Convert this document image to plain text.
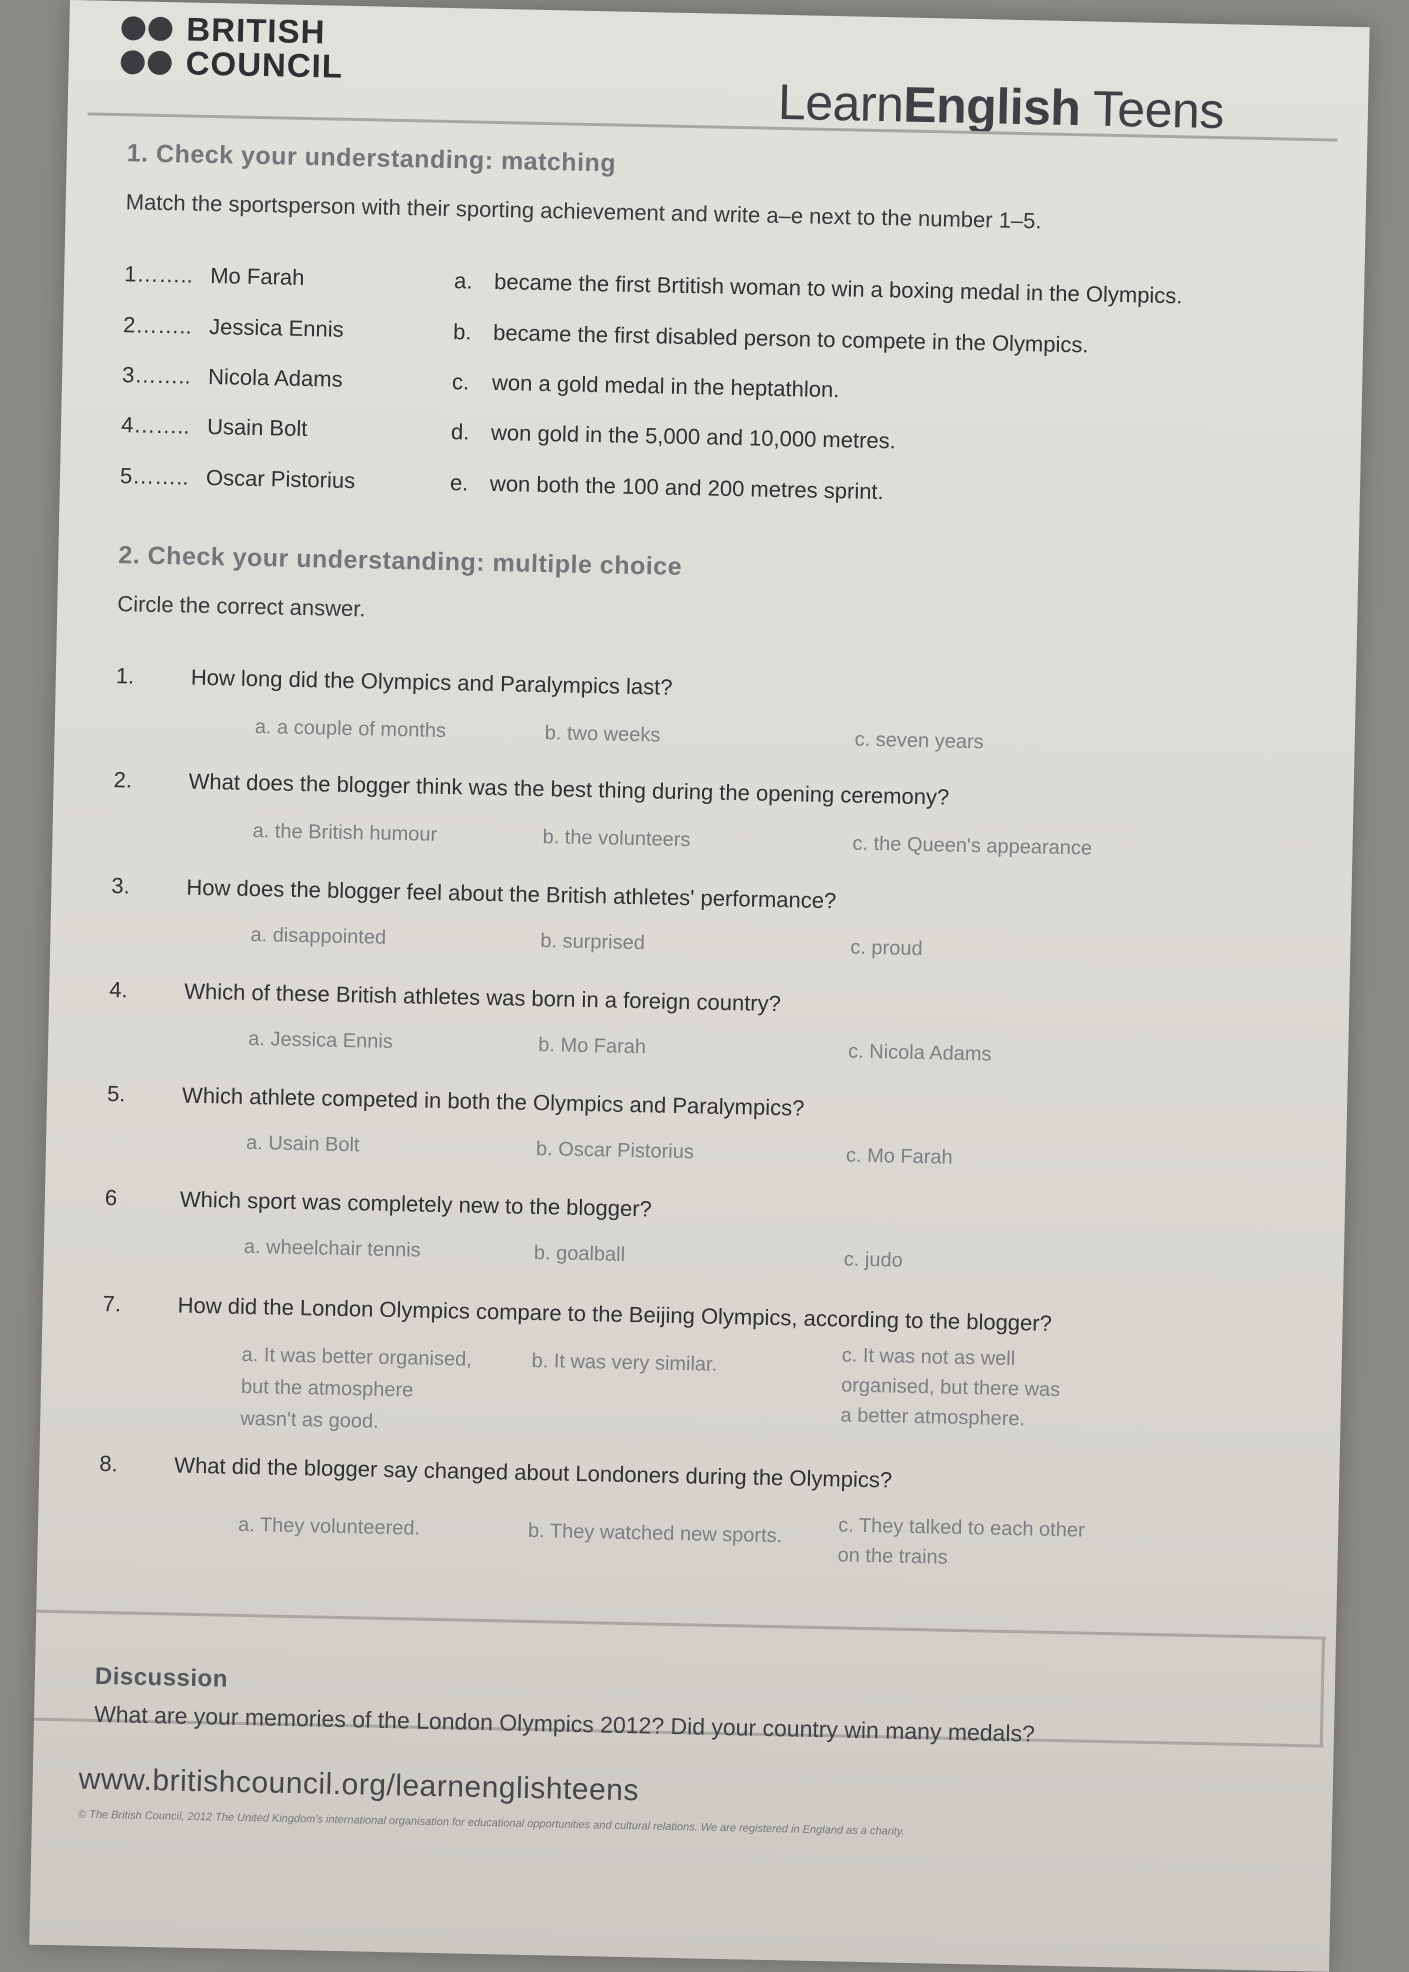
BRITISH
COUNCIL
LearnEnglish Teens
1. Check your understanding: matching
Match the sportsperson with their sporting achievement and write a–e next to the number 1–5.
1…….. Mo Farah	a. became the first Brtitish woman to win a boxing medal in the Olympics.
2…….. Jessica Ennis	b. became the first disabled person to compete in the Olympics.
3…….. Nicola Adams	c. won a gold medal in the heptathlon.
4…….. Usain Bolt	d. won gold in the 5,000 and 10,000 metres.
5…….. Oscar Pistorius	e. won both the 100 and 200 metres sprint.
2. Check your understanding: multiple choice
Circle the correct answer.
1.	How long did the Olympics and Paralympics last?
a. a couple of months	b. two weeks	c. seven years
2.	What does the blogger think was the best thing during the opening ceremony?
a. the British humour	b. the volunteers	c. the Queen's appearance
3.	How does the blogger feel about the British athletes' performance?
a. disappointed	b. surprised	c. proud
4.	Which of these British athletes was born in a foreign country?
a. Jessica Ennis	b. Mo Farah	c. Nicola Adams
5.	Which athlete competed in both the Olympics and Paralympics?
a. Usain Bolt	b. Oscar Pistorius	c. Mo Farah
6	Which sport was completely new to the blogger?
a. wheelchair tennis	b. goalball	c. judo
7.	How did the London Olympics compare to the Beijing Olympics, according to the blogger?
a. It was better organised,
but the atmosphere
wasn't as good.
b. It was very similar.	c. It was not as well
organised, but there was
a better atmosphere.
8.	What did the blogger say changed about Londoners during the Olympics?
a. They volunteered.	b. They watched new sports.	c. They talked to each other
on the trains
Discussion
What are your memories of the London Olympics 2012? Did your country win many medals?
www.britishcouncil.org/learnenglishteens
© The British Council, 2012 The United Kingdom's international organisation for educational opportunities and cultural relations. We are registered in England as a charity.
